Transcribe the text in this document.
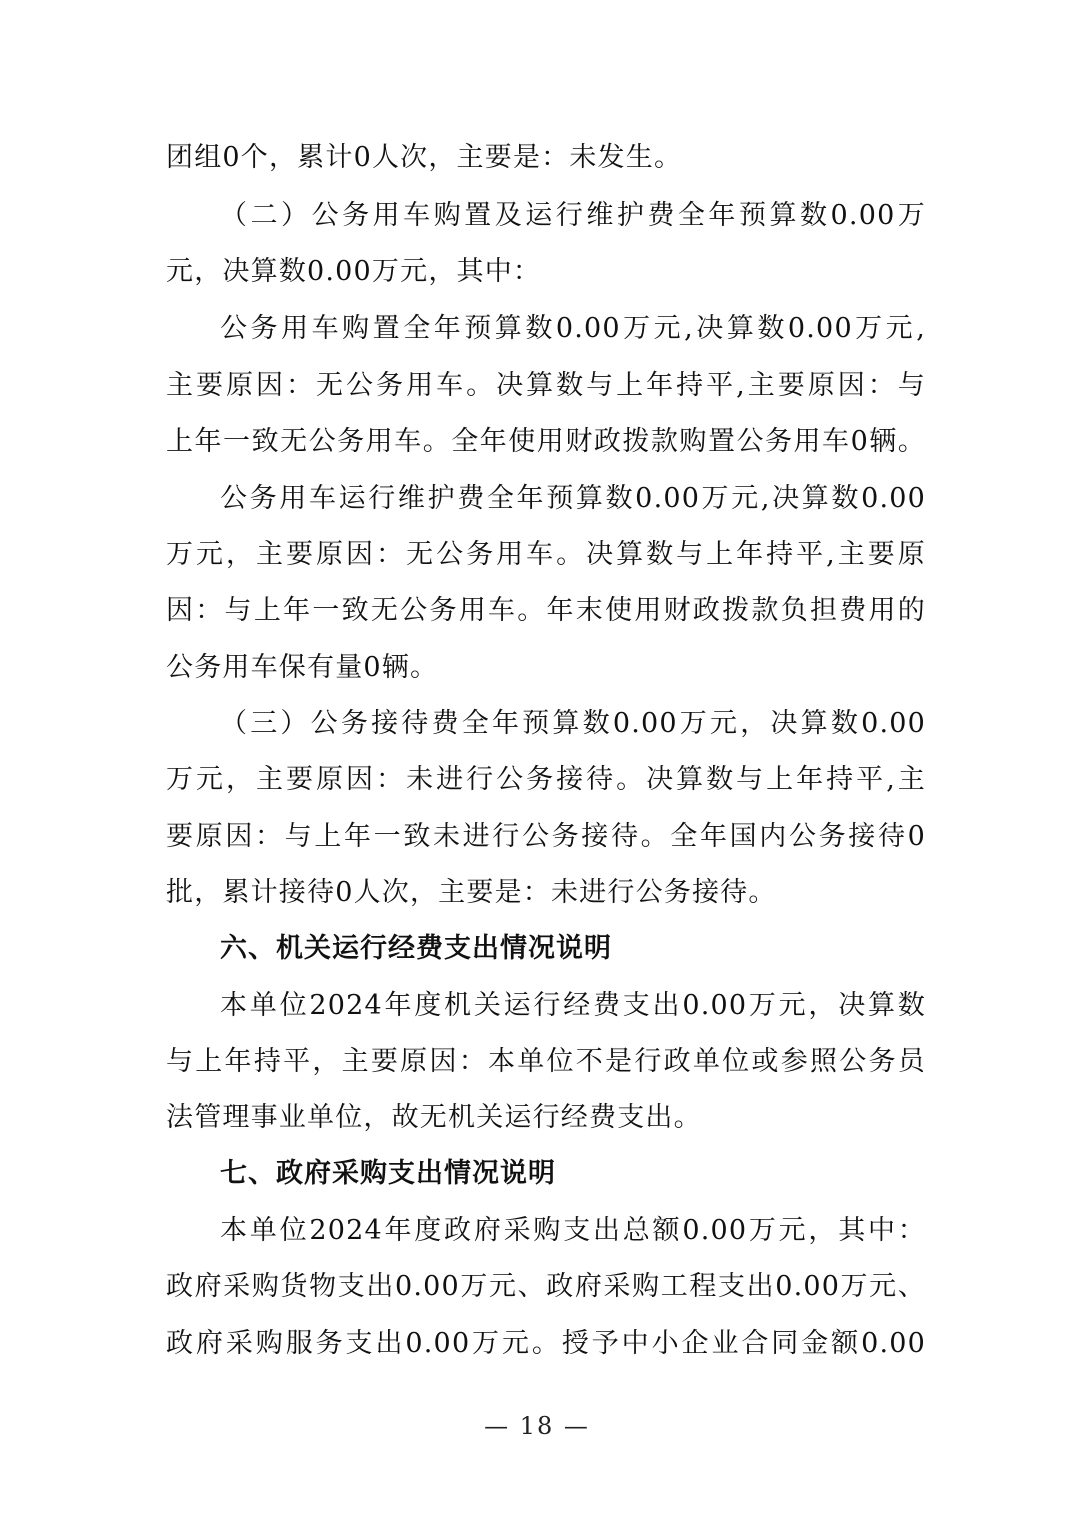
团组0个，累计0人次，主要是：未发生。
（二）公务用车购置及运行维护费全年预算数0.00万
元，决算数0.00万元，其中：
公务用车购置全年预算数0.00万元,决算数0.00万元,
主要原因：无公务用车。决算数与上年持平,主要原因：与
上年一致无公务用车。全年使用财政拨款购置公务用车0辆。
公务用车运行维护费全年预算数0.00万元,决算数0.00
万元，主要原因：无公务用车。决算数与上年持平,主要原
因：与上年一致无公务用车。年末使用财政拨款负担费用的
公务用车保有量0辆。
（三）公务接待费全年预算数0.00万元，决算数0.00
万元，主要原因：未进行公务接待。决算数与上年持平,主
要原因：与上年一致未进行公务接待。全年国内公务接待0
批，累计接待0人次，主要是：未进行公务接待。
六、机关运行经费支出情况说明
本单位2024年度机关运行经费支出0.00万元，决算数
与上年持平，主要原因：本单位不是行政单位或参照公务员
法管理事业单位，故无机关运行经费支出。
七、政府采购支出情况说明
本单位2024年度政府采购支出总额0.00万元，其中：
政府采购货物支出0.00万元、政府采购工程支出0.00万元、
政府采购服务支出0.00万元。授予中小企业合同金额0.00
— 18 —
